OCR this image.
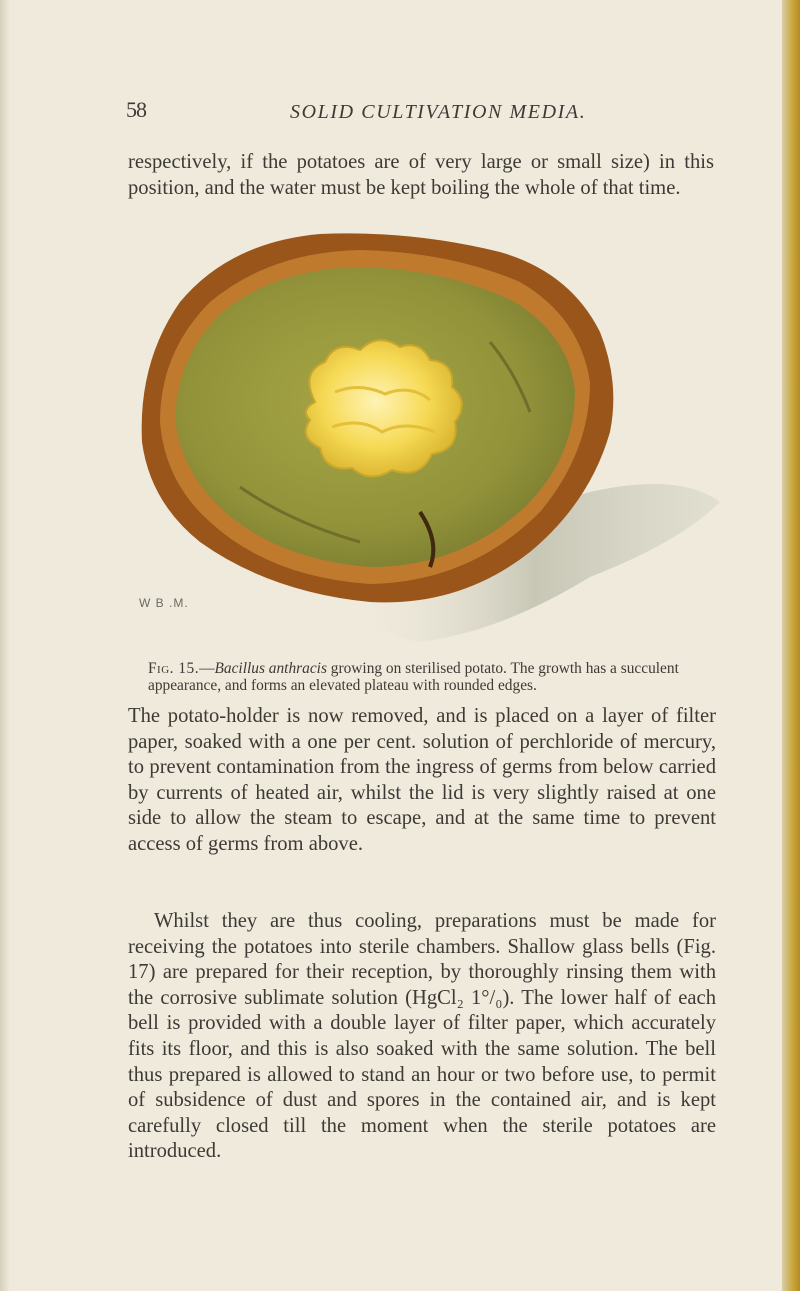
58	SOLID CULTIVATION MEDIA.

respectively, if the potatoes are of very large or small size) in this position, and the water must be kept boiling the whole of that time.

W B .M.

Fig. 15.—Bacillus anthracis growing on sterilised potato. The growth has a succulent appearance, and forms an elevated plateau with rounded edges.

The potato-holder is now removed, and is placed on a layer of filter paper, soaked with a one per cent. solution of perchloride of mercury, to prevent contamination from the ingress of germs from below carried by currents of heated air, whilst the lid is very slightly raised at one side to allow the steam to escape, and at the same time to prevent access of germs from above.

Whilst they are thus cooling, preparations must be made for receiving the potatoes into sterile chambers. Shallow glass bells (Fig. 17) are prepared for their reception, by thoroughly rinsing them with the corrosive sublimate solution (HgCl₂ 1°/₀). The lower half of each bell is provided with a double layer of filter paper, which accurately fits its floor, and this is also soaked with the same solution. The bell thus prepared is allowed to stand an hour or two before use, to permit of subsidence of dust and spores in the contained air, and is kept carefully closed till the moment when the sterile potatoes are introduced.
